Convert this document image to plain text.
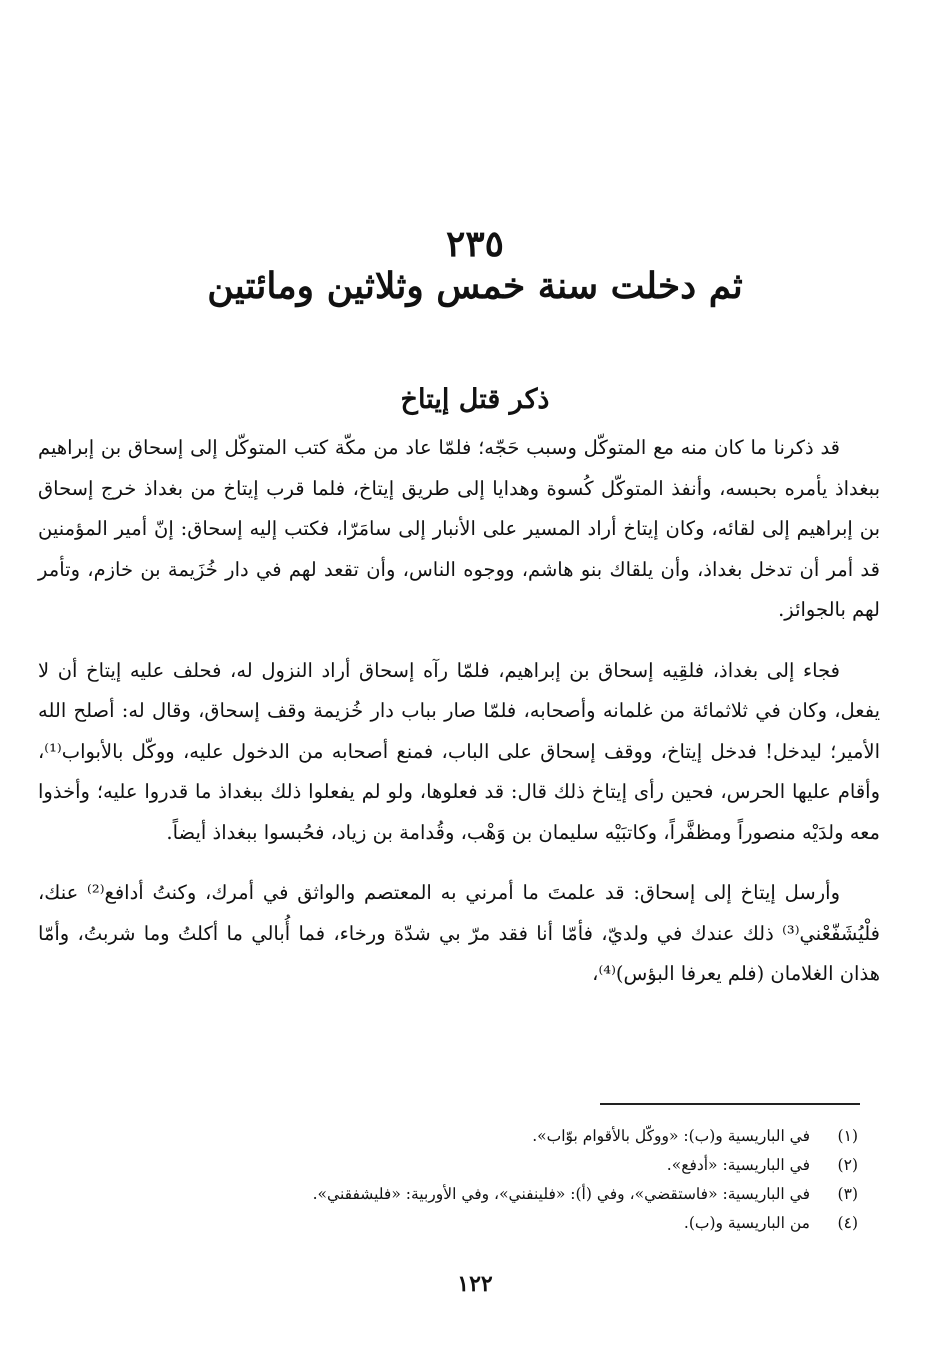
٢٣٥
ثم دخلت سنة خمس وثلاثين ومائتين
ذكر قتل إيتاخ

قد ذكرنا ما كان منه مع المتوكّل وسبب حَجّه؛ فلمّا عاد من مكّة كتب المتوكّل إلى إسحاق بن إبراهيم ببغداذ يأمره بحبسه، وأنفذ المتوكّل كُسوة وهدايا إلى طريق إيتاخ، فلما قرب إيتاخ من بغداذ خرج إسحاق بن إبراهيم إلى لقائه، وكان إيتاخ أراد المسير على الأنبار إلى سامَرّا، فكتب إليه إسحاق: إنّ أمير المؤمنين قد أمر أن تدخل بغداذ، وأن يلقاك بنو هاشم، ووجوه الناس، وأن تقعد لهم في دار خُزَيمة بن خازم، وتأمر لهم بالجوائز.

فجاء إلى بغداذ، فلقِيه إسحاق بن إبراهيم، فلمّا رآه إسحاق أراد النزول له، فحلف عليه إيتاخ أن لا يفعل، وكان في ثلاثمائة من غلمانه وأصحابه، فلمّا صار بباب دار خُزيمة وقف إسحاق، وقال له: أصلح الله الأمير؛ ليدخل! فدخل إيتاخ، ووقف إسحاق على الباب، فمنع أصحابه من الدخول عليه، ووكّل بالأبواب⁽¹⁾، وأقام عليها الحرس، فحين رأى إيتاخ ذلك قال: قد فعلوها، ولو لم يفعلوا ذلك ببغداذ ما قدروا عليه؛ وأخذوا معه ولدَيْه منصوراً ومظفَّراً، وكاتبَيْه سليمان بن وَهْب، وقُدامة بن زياد، فحُبسوا ببغداذ أيضاً.

وأرسل إيتاخ إلى إسحاق: قد علمتَ ما أمرني به المعتصم والواثق في أمرك، وكنتُ أدافع⁽²⁾ عنك، فلْيُشَفّعْني⁽³⁾ ذلك عندك في ولديّ، فأمّا أنا فقد مرّ بي شدّة ورخاء، فما أُبالي ما أكلتُ وما شربتُ، وأمّا هذان الغلامان (فلم يعرفا البؤس)⁽⁴⁾،

(١)
في الباريسية و(ب): «ووكّل بالأقوام بوّاب».
(٢)
في الباريسية: «أدفع».
(٣)
في الباريسية: «فاستقضي»، وفي (أ): «فلينفني»، وفي الأوربية: «فليشفقني».
(٤)
من الباريسية و(ب).
١٢٢
